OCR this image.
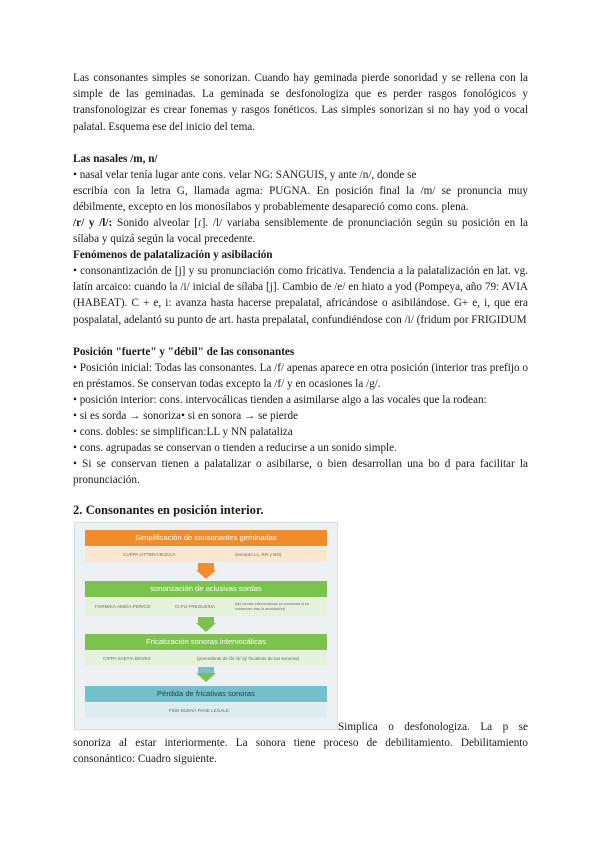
Las consonantes simples se sonorizan. Cuando hay geminada pierde sonoridad y se rellena con la simple de las geminadas. La geminada se desfonologiza que es perder rasgos fonológicos y transfonologizar es crear fonemas y rasgos fonéticos. Las simples sonorizan si no hay yod o vocal palatal. Esquema ese del inicio del tema.

Las nasales /m, n/

• nasal velar tenía lugar ante cons. velar NG: SANGUIS, y ante /n/, donde se

escribía con la letra G, llamada agma: PUGNA. En posición final la /m/ se pronuncia muy débilmente, excepto en los monosílabos y probablemente desapareció como cons. plena.

/r/ y /l/: Sonido alveolar [ɾ]. /l/ variaba sensiblemente de pronunciación según su posición en la sílaba y quizá según la vocal precedente.

Fenómenos de palatalización y asibilación

• consonantización de [j] y su pronunciación como fricativa. Tendencia a la palatalización en lat. vg. latín arcaico: cuando la /i/ inicial de sílaba [j]. Cambio de /e/ en hiato a yod (Pompeya, año 79: AVIA (HABEAT). C + e, i: avanza hasta hacerse prepalatal, africándose o asibilándose. G+ e, i, que era pospalatal, adelantó su punto de art. hasta prepalatal, confundiéndose con /i/ (fridum por FRIGIDUM

Posición "fuerte" y "débil" de las consonantes

• Posición inicial: Todas las consonantes. La /f/ apenas aparece en otra posición (interior tras prefijo o en préstamos. Se conservan todas excepto la /f/ y en ocasiones la /g/.

• posición interior: cons. intervocálicas tienden a asimilarse algo a las vocales que la rodean:

• si es sorda → sonoriza• si en sonora → se pierde

• cons. dobles: se simplifican:LL y NN palataliza

• cons. agrupadas se conservan o tienden a reducirse a un sonido simple.

• Si se conservan tienen a palatalizar o asibilarse, o bien desarrollan una bo d para facilitar la pronunciación.

2. Consonantes en posición interior.

Simplificación de consonantes geminadas
CUPPA LITTERA BUCCA	(excepto LL, RR y NN)
sonorización de oclusivas sordas
FORMICA AMIGA PERICO	CI FIJ FREGUESIA	(las sordas intervocálicas se sonorizan si se conservan tras la asimilación)
Fricatización sonoras intervocálicas
CIPPA SAETIA BOVES	(precedente de /b/ /d/ /g/ fricativas de las sonoras)
Pérdida de fricativas sonoras
FIDE BUENA PANE LEGALE

Simplica o desfonologiza. La p se sonoriza al estar interiormente. La sonora tiene proceso de debilitamiento. Debilitamiento consonántico: Cuadro siguiente.
